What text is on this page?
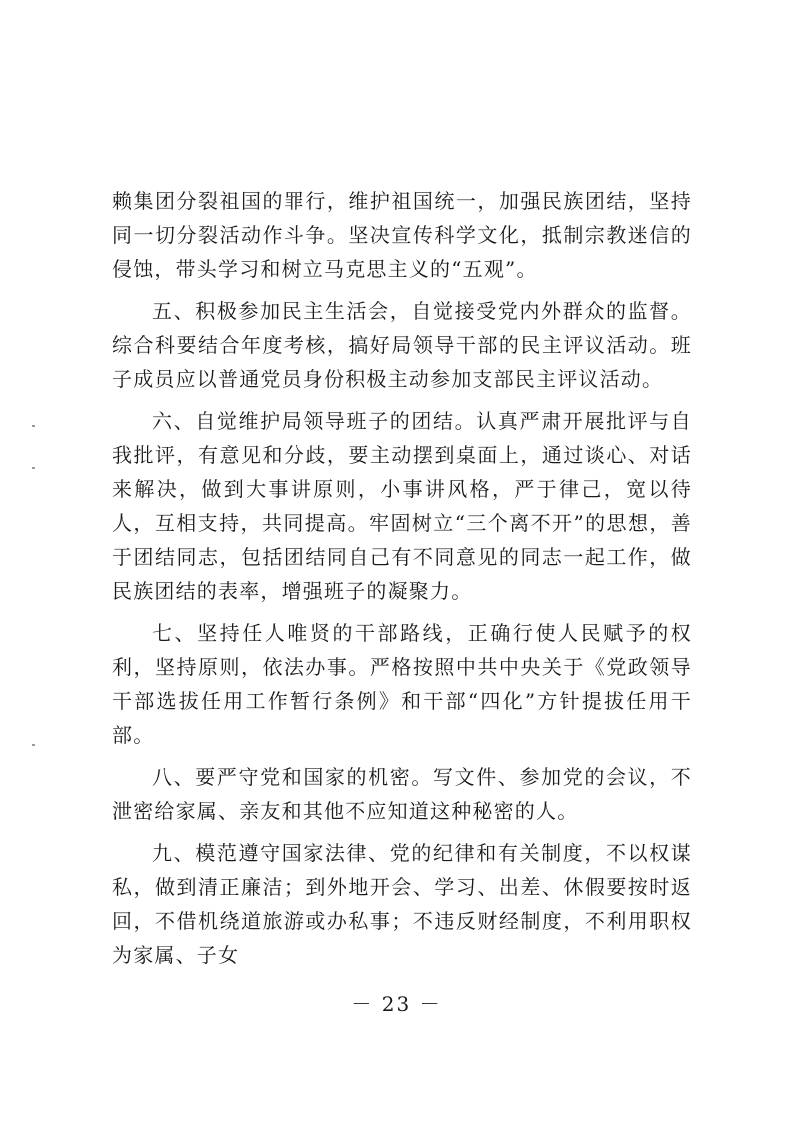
赖集团分裂祖国的罪行，维护祖国统一，加强民族团结，坚持同一切分裂活动作斗争。坚决宣传科学文化，抵制宗教迷信的侵蚀，带头学习和树立马克思主义的“五观”。

五、积极参加民主生活会，自觉接受党内外群众的监督。综合科要结合年度考核，搞好局领导干部的民主评议活动。班子成员应以普通党员身份积极主动参加支部民主评议活动。

六、自觉维护局领导班子的团结。认真严肃开展批评与自我批评，有意见和分歧，要主动摆到桌面上，通过谈心、对话来解决，做到大事讲原则，小事讲风格，严于律己，宽以待人，互相支持，共同提高。牢固树立“三个离不开”的思想，善于团结同志，包括团结同自己有不同意见的同志一起工作，做民族团结的表率，增强班子的凝聚力。

七、坚持任人唯贤的干部路线，正确行使人民赋予的权利，坚持原则，依法办事。严格按照中共中央关于《党政领导干部选拔任用工作暂行条例》和干部“四化”方针提拔任用干部。

八、要严守党和国家的机密。写文件、参加党的会议，不泄密给家属、亲友和其他不应知道这种秘密的人。

九、模范遵守国家法律、党的纪律和有关制度，不以权谋私，做到清正廉洁；到外地开会、学习、出差、休假要按时返回，不借机绕道旅游或办私事；不违反财经制度，不利用职权为家属、子女

－ 23 －
